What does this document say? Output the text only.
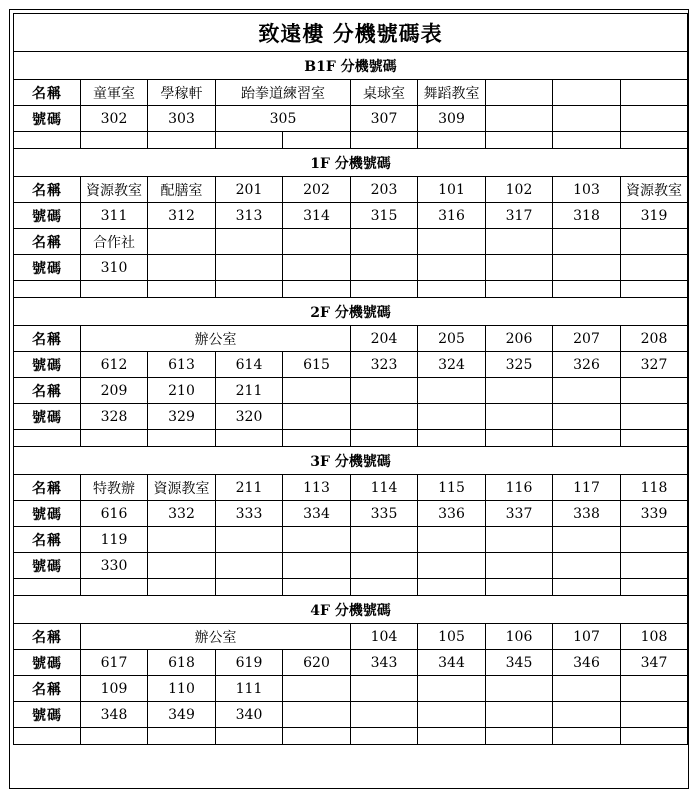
致遠樓 分機號碼表									
B1F 分機號碼									
名稱	童軍室	學稼軒	跆拳道練習室		桌球室	舞蹈教室			
號碼	302	303	305		307	309			

1F 分機號碼									
名稱	資源教室	配膳室	201	202	203	101	102	103	資源教室
號碼	311	312	313	314	315	316	317	318	319
名稱	合作社								
號碼	310								

2F 分機號碼									
名稱	辦公室				204	205	206	207	208
號碼	612	613	614	615	323	324	325	326	327
名稱	209	210	211						
號碼	328	329	320						

3F 分機號碼									
名稱	特教辦	資源教室	211	113	114	115	116	117	118
號碼	616	332	333	334	335	336	337	338	339
名稱	119								
號碼	330								

4F 分機號碼									
名稱	辦公室				104	105	106	107	108
號碼	617	618	619	620	343	344	345	346	347
名稱	109	110	111						
號碼	348	349	340						
